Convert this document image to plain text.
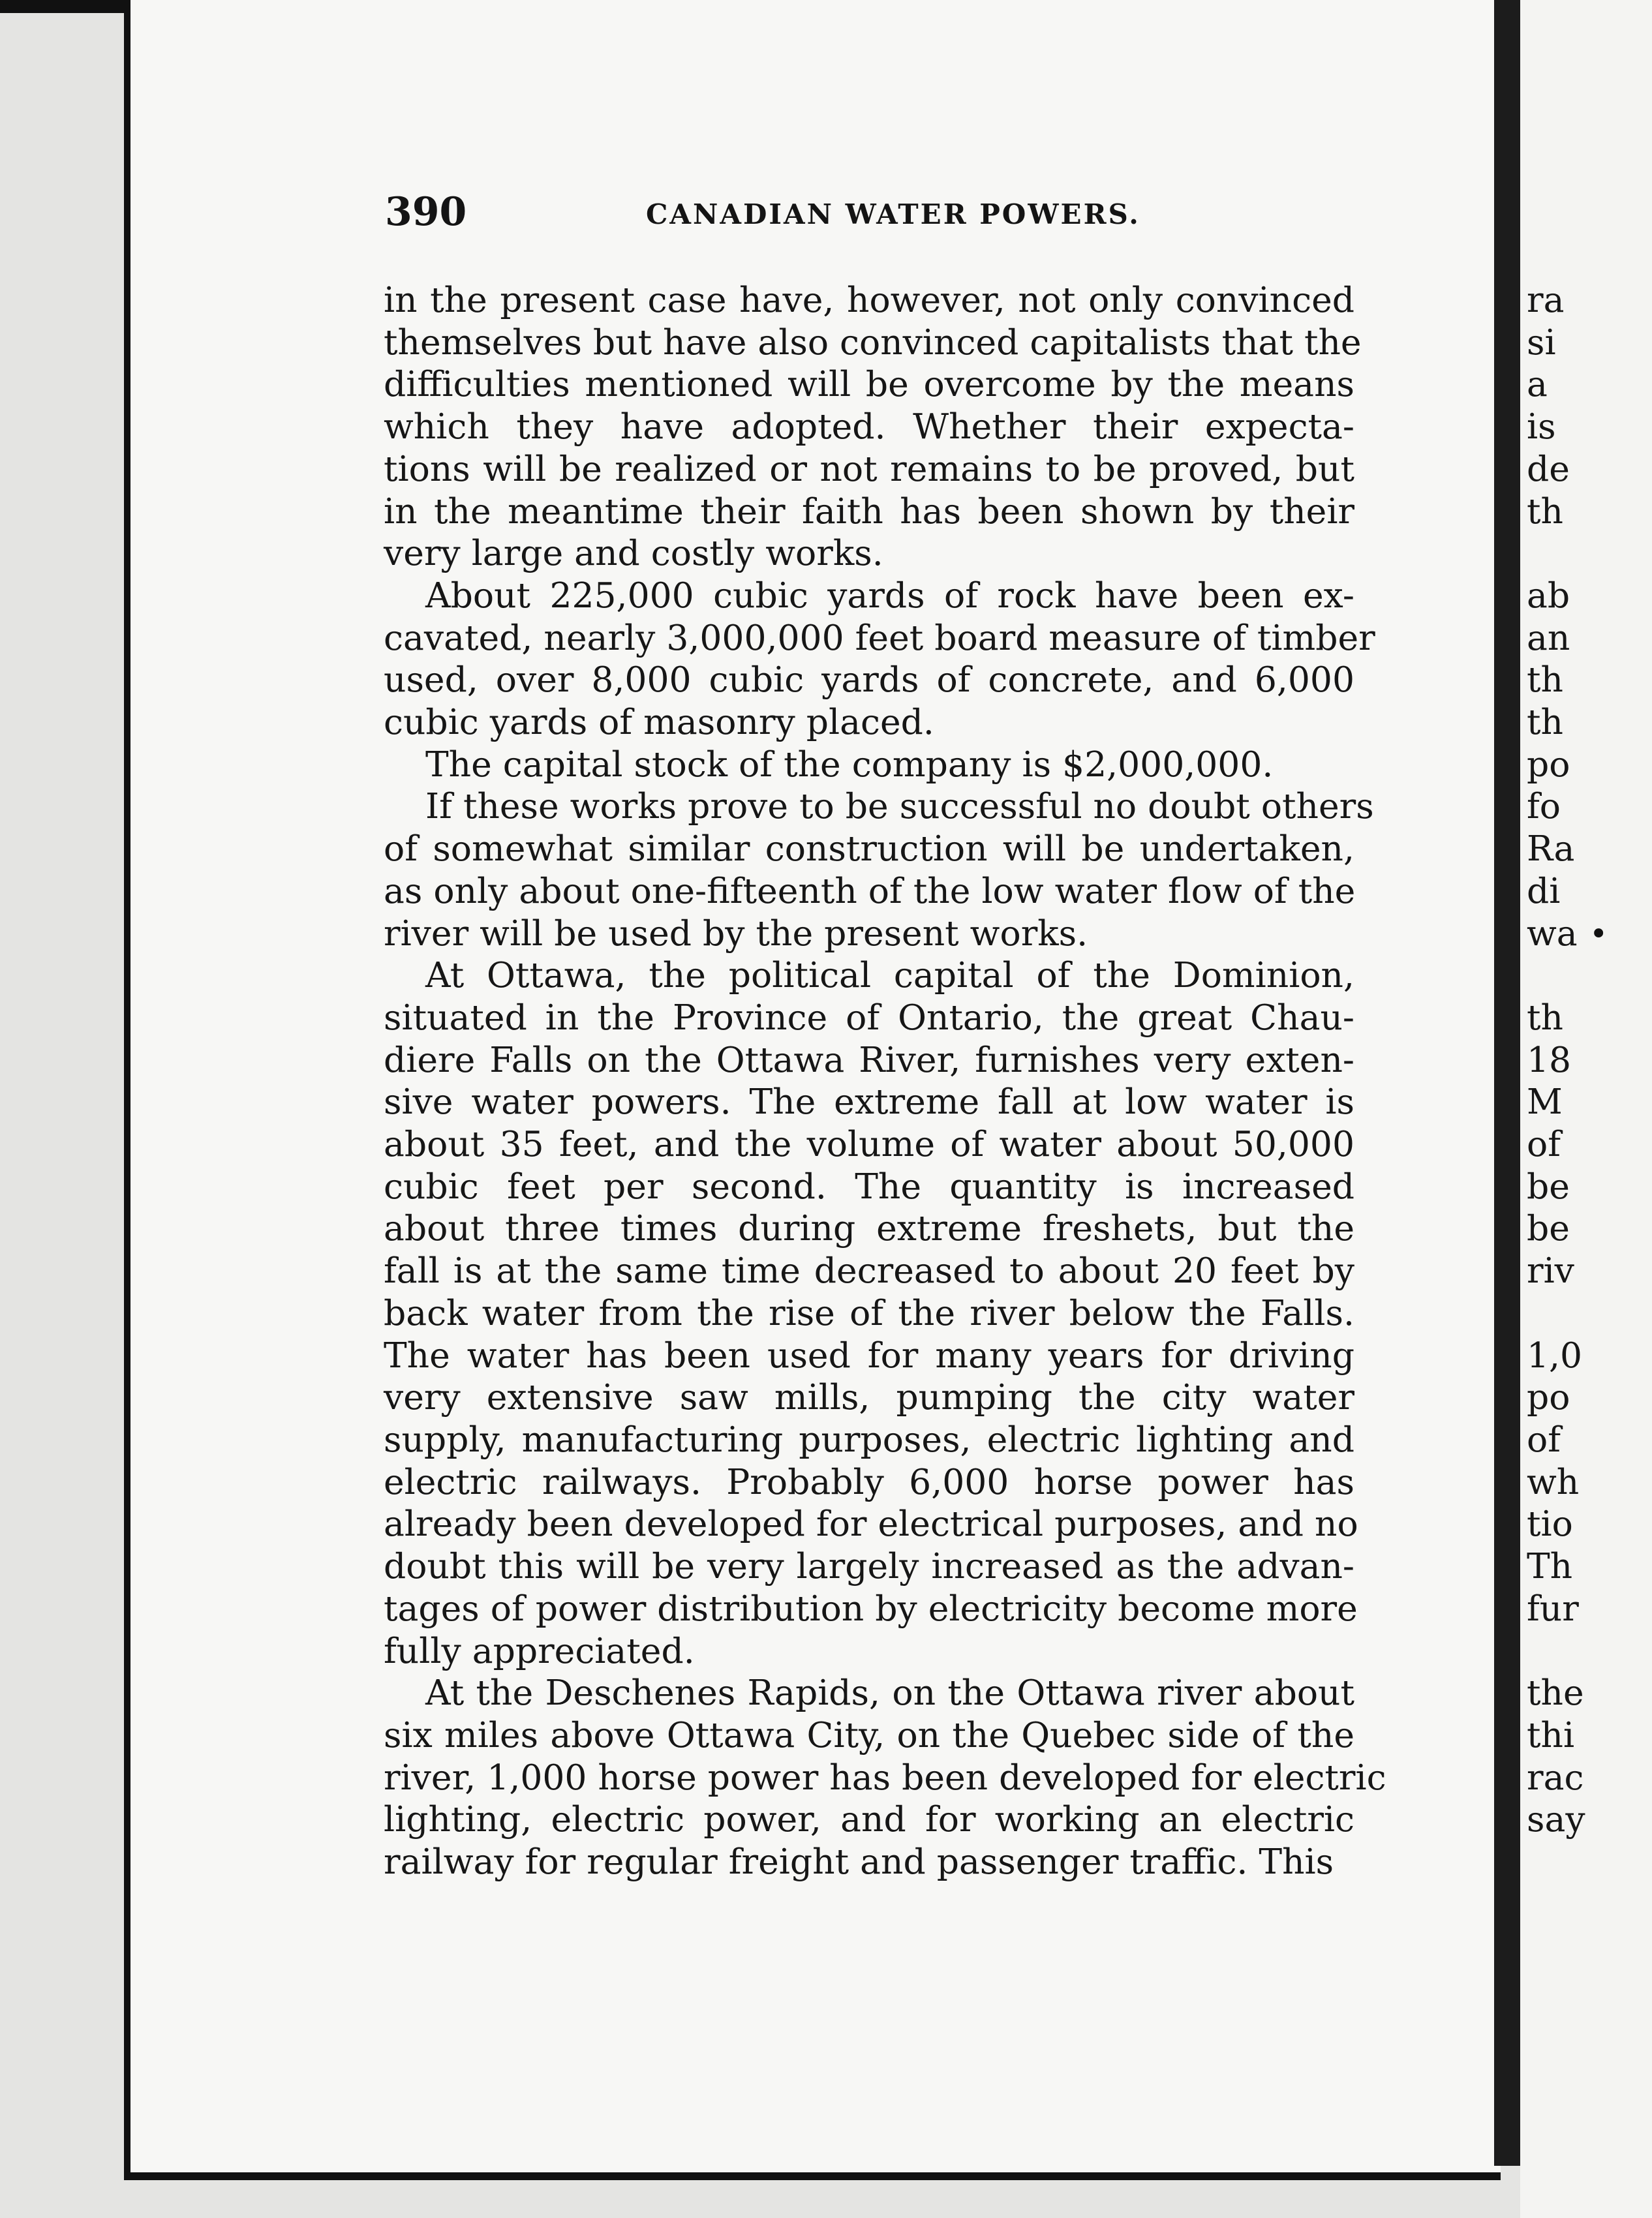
390	CANADIAN WATER POWERS.
in the present case have, however, not only convinced
themselves but have also convinced capitalists that the
difficulties mentioned will be overcome by the means
which they have adopted. Whether their expecta-
tions will be realized or not remains to be proved, but
in the meantime their faith has been shown by their
very large and costly works.
About 225,000 cubic yards of rock have been ex-
cavated, nearly 3,000,000 feet board measure of timber
used, over 8,000 cubic yards of concrete, and 6,000
cubic yards of masonry placed.
The capital stock of the company is $2,000,000.
If these works prove to be successful no doubt others
of somewhat similar construction will be undertaken,
as only about one-fifteenth of the low water flow of the
river will be used by the present works.
At Ottawa, the political capital of the Dominion,
situated in the Province of Ontario, the great Chau-
diere Falls on the Ottawa River, furnishes very exten-
sive water powers. The extreme fall at low water is
about 35 feet, and the volume of water about 50,000
cubic feet per second. The quantity is increased
about three times during extreme freshets, but the
fall is at the same time decreased to about 20 feet by
back water from the rise of the river below the Falls.
The water has been used for many years for driving
very extensive saw mills, pumping the city water
supply, manufacturing purposes, electric lighting and
electric railways. Probably 6,000 horse power has
already been developed for electrical purposes, and no
doubt this will be very largely increased as the advan-
tages of power distribution by electricity become more
fully appreciated.
At the Deschenes Rapids, on the Ottawa river about
six miles above Ottawa City, on the Quebec side of the
river, 1,000 horse power has been developed for electric
lighting, electric power, and for working an electric
railway for regular freight and passenger traffic. This
ra
si
a
is
de
th
ab
an
th
th
po
fo
Ra
di
wa
th
18
M
of
be
be
riv
1,0
po
of
wh
tio
Th
fur
the
thi
rac
say
•
